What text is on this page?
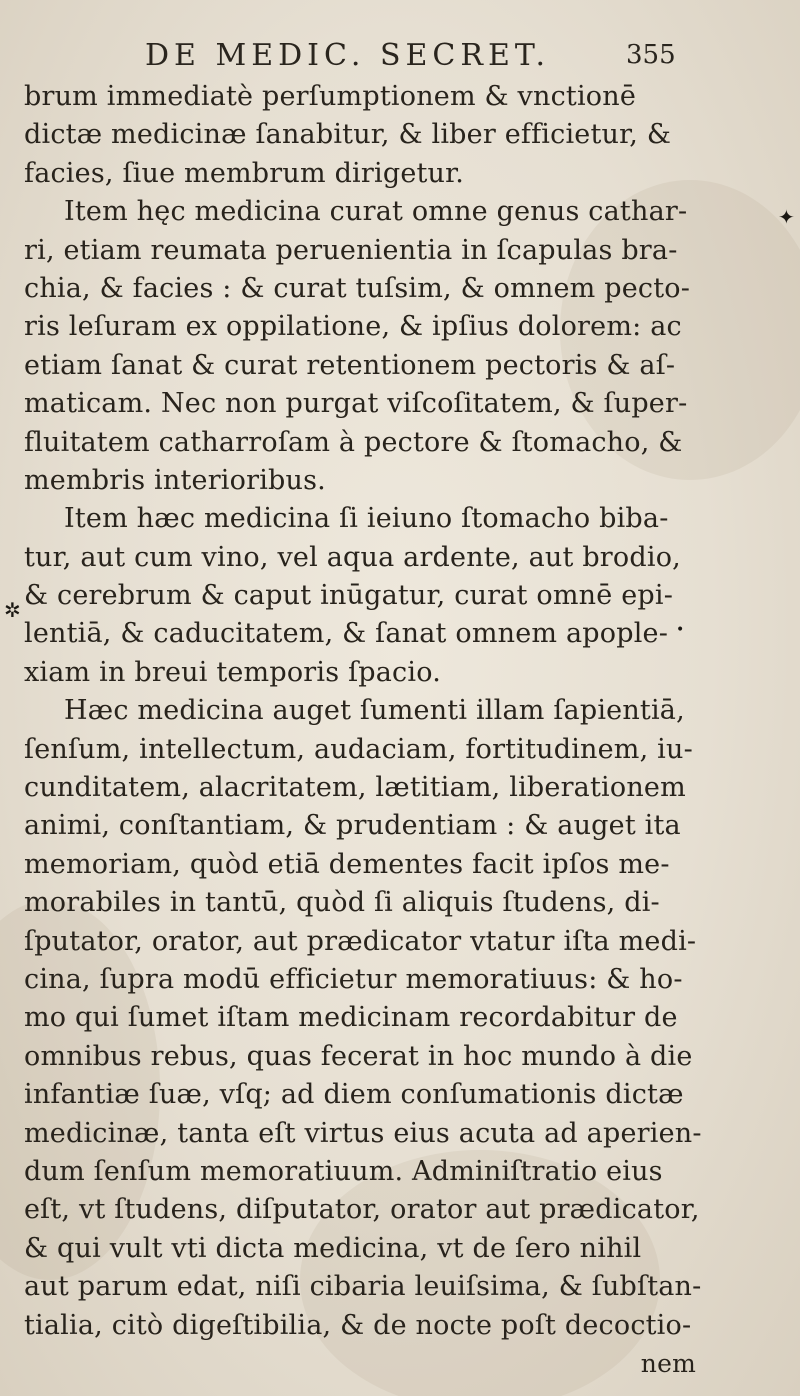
DE MEDIC. SECRET.	355
brum immediatè perſumptionem & vnctionē
dictæ medicinæ ſanabitur, & liber efficietur, &
facies, ſiue membrum dirigetur.
Item hęc medicina curat omne genus cathar-
ri, etiam reumata peruenientia in ſcapulas bra-
chia, & facies : & curat tuſsim, & omnem pecto-
ris leſuram ex oppilatione, & ipſius dolorem: ac
etiam ſanat & curat retentionem pectoris & aſ-
maticam. Nec non purgat viſcoſitatem, & ſuper-
fluitatem catharroſam à pectore & ſtomacho, &
membris interioribus.
Item hæc medicina ſi ieiuno ſtomacho biba-
tur, aut cum vino, vel aqua ardente, aut brodio,
& cerebrum & caput inūgatur, curat omnē epi-
lentiā, & caducitatem, & ſanat omnem apople-
xiam in breui temporis ſpacio.
Hæc medicina auget ſumenti illam ſapientiā,
ſenſum, intellectum, audaciam, fortitudinem, iu-
cunditatem, alacritatem, lætitiam, liberationem
animi, conſtantiam, & prudentiam : & auget ita
memoriam, quòd etiā dementes facit ipſos me-
morabiles in tantū, quòd ſi aliquis ſtudens, di-
ſputator, orator, aut prædicator vtatur iſta medi-
cina, ſupra modū efficietur memoratiuus: & ho-
mo qui ſumet iſtam medicinam recordabitur de
omnibus rebus, quas fecerat in hoc mundo à die
infantiæ ſuæ, vſq; ad diem conſumationis dictæ
medicinæ, tanta eſt virtus eius acuta ad aperien-
dum ſenſum memoratiuum. Adminiſtratio eius
eſt, vt ſtudens, diſputator, orator aut prædicator,
& qui vult vti dicta medicina, vt de ſero nihil
aut parum edat, niſi cibaria leuiſsima, & ſubſtan-
tialia, citò digeſtibilia, & de nocte poſt decoctio-
nem
✦
✲
•
